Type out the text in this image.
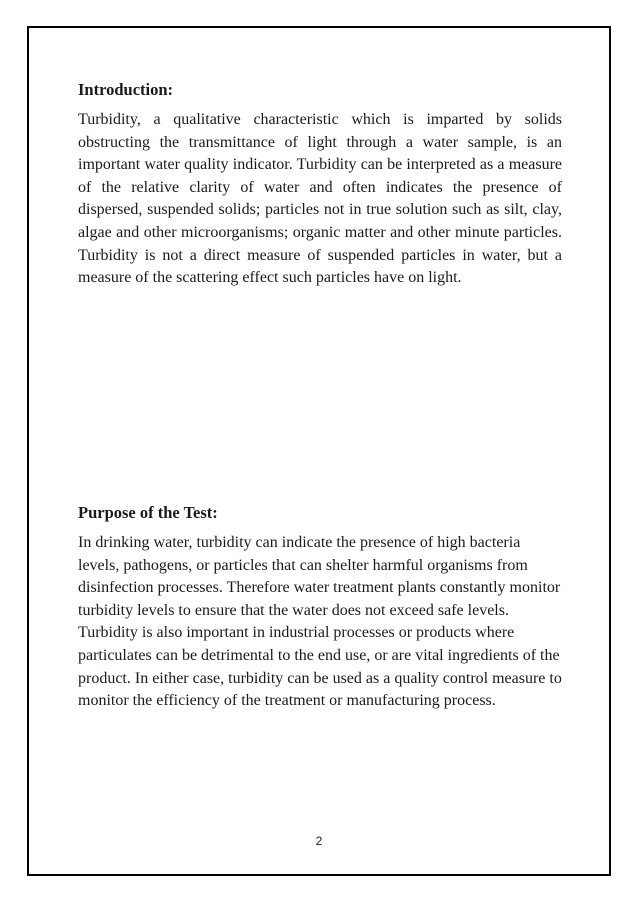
Introduction:

Turbidity, a qualitative characteristic which is imparted by solids obstructing the transmittance of light through a water sample, is an important water quality indicator. Turbidity can be interpreted as a measure of the relative clarity of water and often indicates the presence of dispersed, suspended solids; particles not in true solution such as silt, clay, algae and other microorganisms; organic matter and other minute particles. Turbidity is not a direct measure of suspended particles in water, but a measure of the scattering effect such particles have on light.

Purpose of the Test:

In drinking water, turbidity can indicate the presence of high bacteria levels, pathogens, or particles that can shelter harmful organisms from disinfection processes. Therefore water treatment plants constantly monitor turbidity levels to ensure that the water does not exceed safe levels. Turbidity is also important in industrial processes or products where particulates can be detrimental to the end use, or are vital ingredients of the product. In either case, turbidity can be used as a quality control measure to monitor the efficiency of the treatment or manufacturing process.

2
